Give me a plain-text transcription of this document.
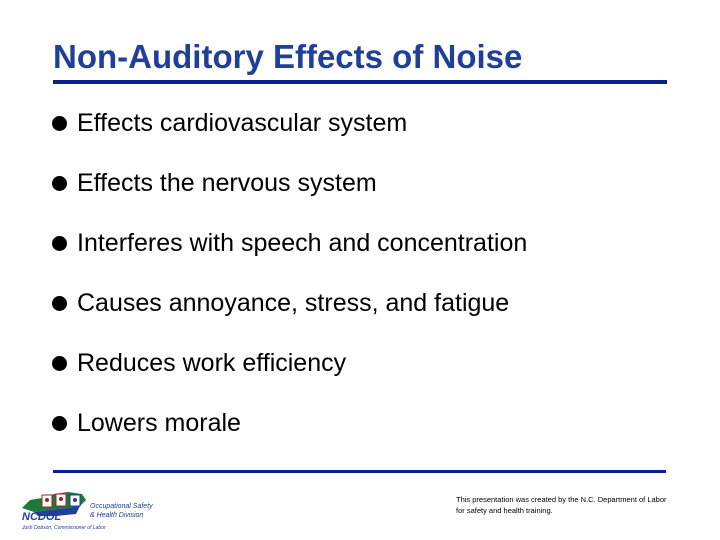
Non-Auditory Effects of Noise
Effects cardiovascular system
Effects the nervous system
Interferes with speech and concentration
Causes annoyance, stress, and fatigue
Reduces work efficiency
Lowers morale
NCDOL
Occupational Safety
& Health Division
Josh Dobson, Commissioner of Labor
This presentation was created by the N.C. Department of Labor for safety and health training.
